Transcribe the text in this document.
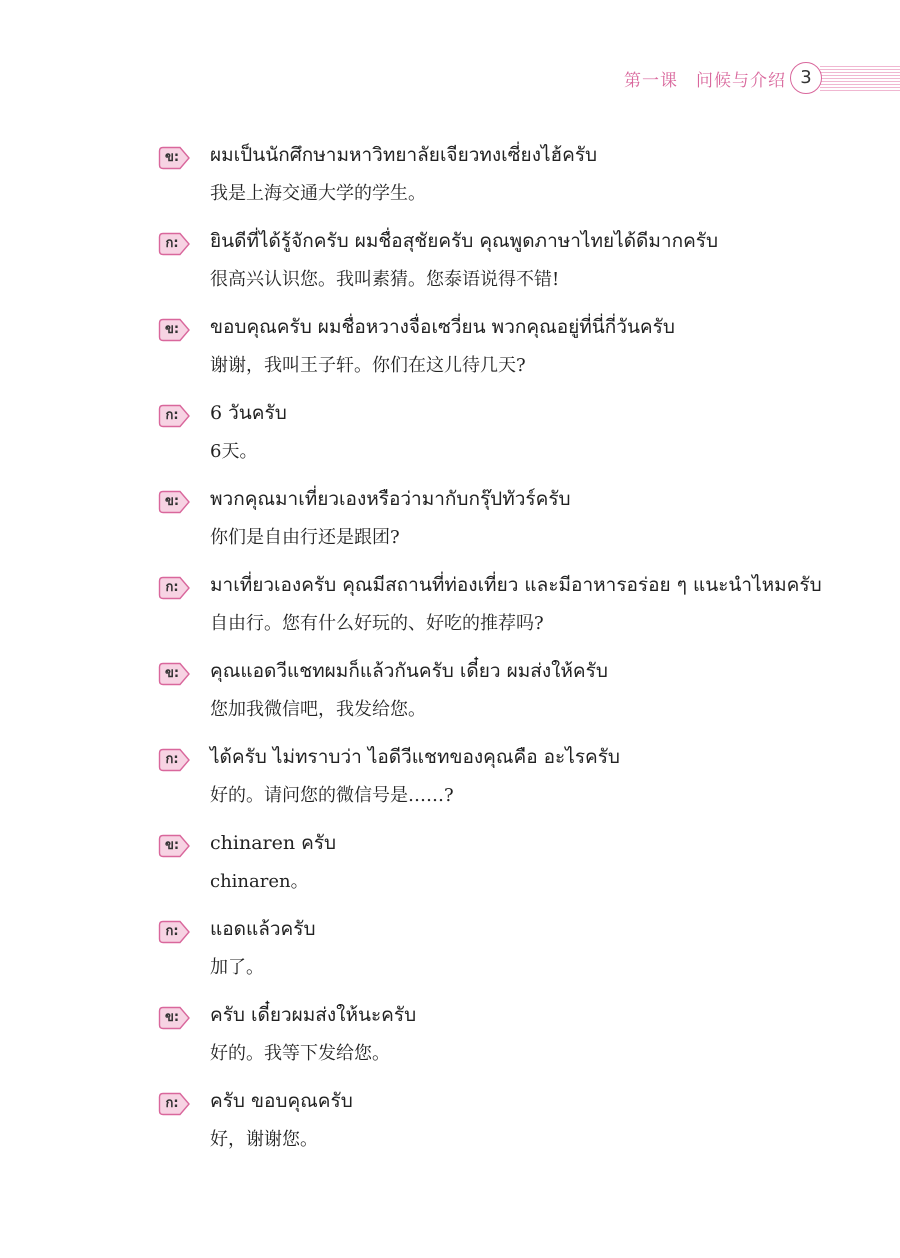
第一课　问候与介绍 3
ข: ผมเป็นนักศึกษามหาวิทยาลัยเจียวทงเซี่ยงไฮ้ครับ
我是上海交通大学的学生。
ก: ยินดีที่ได้รู้จักครับ ผมชื่อสุชัยครับ คุณพูดภาษาไทยได้ดีมากครับ
很高兴认识您。我叫素猜。您泰语说得不错!
ข: ขอบคุณครับ ผมชื่อหวางจื่อเซวี่ยน พวกคุณอยู่ที่นี่กี่วันครับ
谢谢，我叫王子轩。你们在这儿待几天?
ก: 6 วันครับ
6天。
ข: พวกคุณมาเที่ยวเองหรือว่ามากับกรุ๊ปทัวร์ครับ
你们是自由行还是跟团?
ก: มาเที่ยวเองครับ คุณมีสถานที่ท่องเที่ยว และมีอาหารอร่อย ๆ แนะนำไหมครับ
自由行。您有什么好玩的、好吃的推荐吗?
ข: คุณแอดวีแชทผมก็แล้วกันครับ เดี๋ยว ผมส่งให้ครับ
您加我微信吧，我发给您。
ก: ได้ครับ ไม่ทราบว่า ไอดีวีแชทของคุณคือ อะไรครับ
好的。请问您的微信号是……?
ข: chinaren ครับ
chinaren。
ก: แอดแล้วครับ
加了。
ข: ครับ เดี๋ยวผมส่งให้นะครับ
好的。我等下发给您。
ก: ครับ ขอบคุณครับ
好，谢谢您。
